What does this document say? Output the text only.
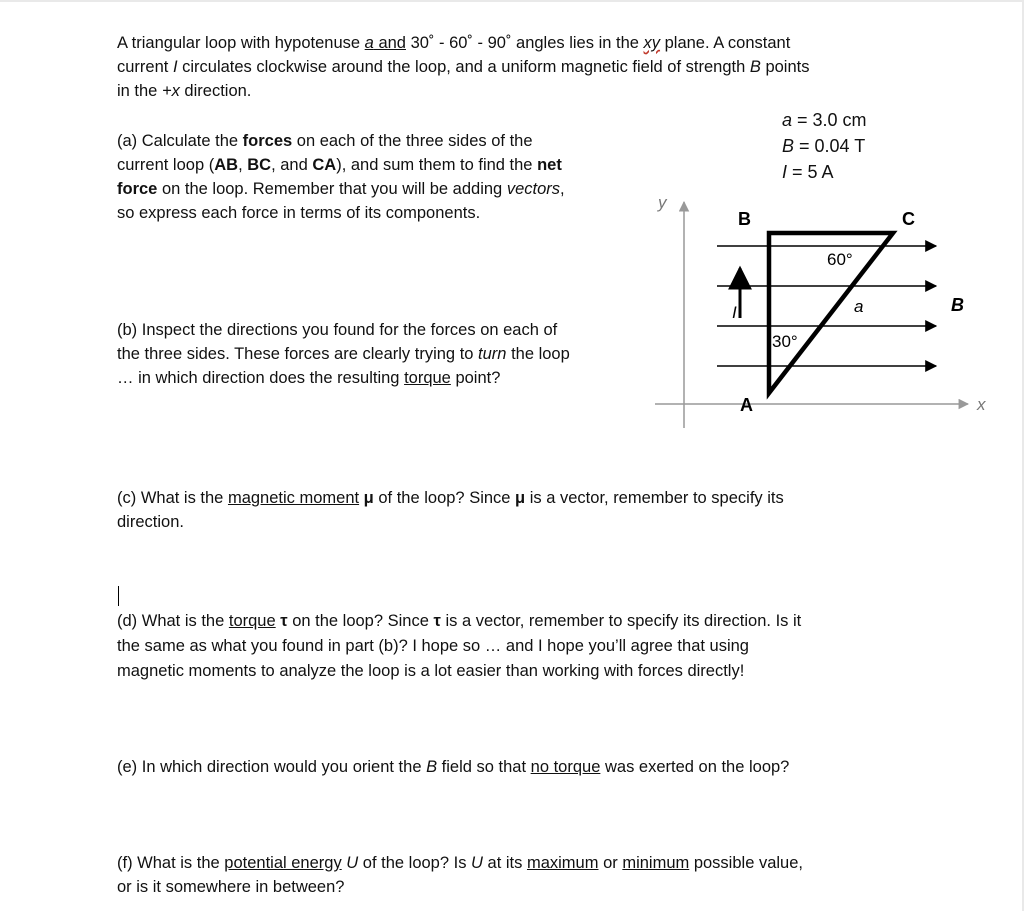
A triangular loop with hypotenuse a and 30˚ - 60˚ - 90˚ angles lies in the xy plane. A constant
current I circulates clockwise around the loop, and a uniform magnetic field of strength B points
in the +x direction.
(a) Calculate the forces on each of the three sides of the
current loop (AB, BC, and CA), and sum them to find the net
force on the loop. Remember that you will be adding vectors,
so express each force in terms of its components.
(b) Inspect the directions you found for the forces on each of
the three sides. These forces are clearly trying to turn the loop
… in which direction does the resulting torque point?
a = 3.0 cm
B = 0.04 T
I = 5 A
y
x
I
B	C
A
60°
30°
a	B
(c) What is the magnetic moment μ of the loop? Since μ is a vector, remember to specify its
direction.
(d) What is the torque τ on the loop? Since τ is a vector, remember to specify its direction. Is it
the same as what you found in part (b)? I hope so … and I hope you’ll agree that using
magnetic moments to analyze the loop is a lot easier than working with forces directly!
(e) In which direction would you orient the B field so that no torque was exerted on the loop?
(f) What is the potential energy U of the loop? Is U at its maximum or minimum possible value,
or is it somewhere in between?
